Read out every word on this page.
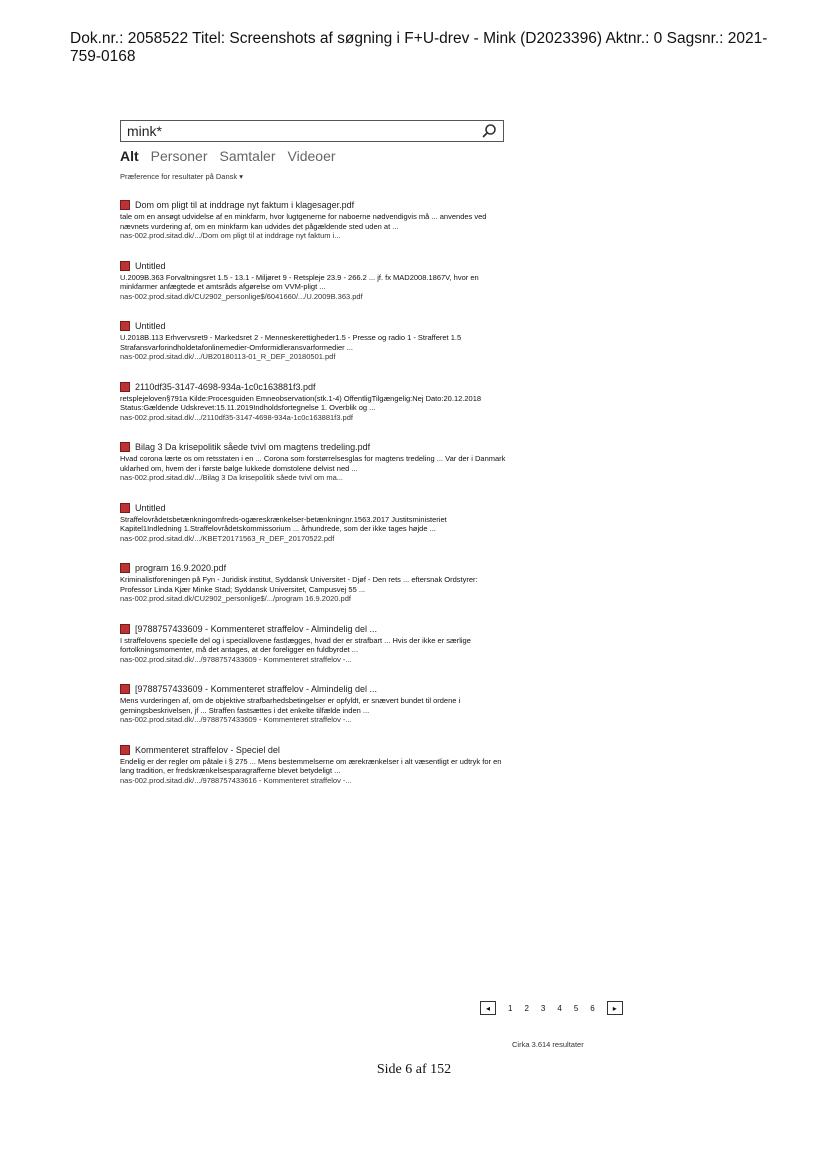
Dok.nr.: 2058522 Titel: Screenshots af søgning i F+U-drev - Mink (D2023396) Aktnr.: 0 Sagsnr.: 2021-759-0168
mink*
Alt Personer Samtaler Videoer
Præference for resultater på Dansk ▾
Dom om pligt til at inddrage nyt faktum i klagesager.pdf
tale om en ansøgt udvidelse af en minkfarm, hvor lugtgenerne for naboerne nødvendigvis må ... anvendes ved nævnets vurdering af, om en minkfarm kan udvides det pågældende sted uden at ...
nas-002.prod.sitad.dk/.../Dom om pligt til at inddrage nyt faktum i...
Untitled
U.2009B.363 Forvaltningsret 1.5 - 13.1 - Miljøret 9 - Retspleje 23.9 - 266.2 ... jf. fx MAD2008.1867V, hvor en minkfarmer anfægtede et amtsråds afgørelse om VVM-pligt ...
nas-002.prod.sitad.dk/CU2902_personlige$/6041660/.../U.2009B.363.pdf
Untitled
U.2018B.113 Erhvervsret9 - Markedsret 2 - Menneskerettigheder1.5 - Presse og radio 1 - Strafferet 1.5 Strafansvarforindholdetafonlinemedier-Omformidleransvarformedier ...
nas-002.prod.sitad.dk/.../UB20180113-01_R_DEF_20180501.pdf
2110df35-3147-4698-934a-1c0c163881f3.pdf
retsplejeloven§791a Kilde:Procesguiden Emneobservation(stk.1-4) OffentligTilgængelig:Nej Dato:20.12.2018 Status:Gældende Udskrevet:15.11.2019Indholdsfortegnelse 1. Overblik og ...
nas-002.prod.sitad.dk/.../2110df35-3147-4698-934a-1c0c163881f3.pdf
Bilag 3 Da krisepolitik såede tvivl om magtens tredeling.pdf
Hvad corona lærte os om retsstaten i en ... Corona som forstørrelsesglas for magtens tredeling ... Var der i Danmark uklarhed om, hvem der i første bølge lukkede domstolene delvist ned ...
nas-002.prod.sitad.dk/.../Bilag 3 Da krisepolitik såede tvivl om ma...
Untitled
Straffelovrådetsbetænkningomfreds-ogæreskrænkelser-betænkningnr.1563.2017 Justitsministeriet Kapitel1Indledning 1.Straffelovrådetskommissorium ... århundrede, som der ikke tages højde ...
nas-002.prod.sitad.dk/.../KBET20171563_R_DEF_20170522.pdf
program 16.9.2020.pdf
Kriminalistforeningen på Fyn - Juridisk institut, Syddansk Universitet - Djøf - Den rets ... eftersnak Ordstyrer: Professor Linda Kjær Minke Stad; Syddansk Universitet, Campusvej 55 ...
nas-002.prod.sitad.dk/CU2902_personlige$/.../program 16.9.2020.pdf
[9788757433609 - Kommenteret straffelov - Almindelig del ...
I straffelovens specielle del og i speciallovene fastlægges, hvad der er strafbart ... Hvis der ikke er særlige fortolkningsmomenter, må det antages, at der foreligger en fuldbyrdet ...
nas-002.prod.sitad.dk/.../9788757433609 - Kommenteret straffelov -...
[9788757433609 - Kommenteret straffelov - Almindelig del ...
Mens vurderingen af, om de objektive strafbarhedsbetingelser er opfyldt, er snævert bundet til ordene i gerningsbeskrivelsen, jf ... Straffen fastsættes i det enkelte tilfælde inden ...
nas-002.prod.sitad.dk/.../9788757433609 - Kommenteret straffelov -...
Kommenteret straffelov - Speciel del
Endelig er der regler om påtale i § 275 ... Mens bestemmelserne om ærekrænkelser i alt væsentligt er udtryk for en lang tradition, er fredskrænkelsesparagrafferne blevet betydeligt ...
nas-002.prod.sitad.dk/.../9788757433616 - Kommenteret straffelov -...
◂	1 2 3 4 5 6	▸
Cirka 3.614 resultater
Side 6 af 152
